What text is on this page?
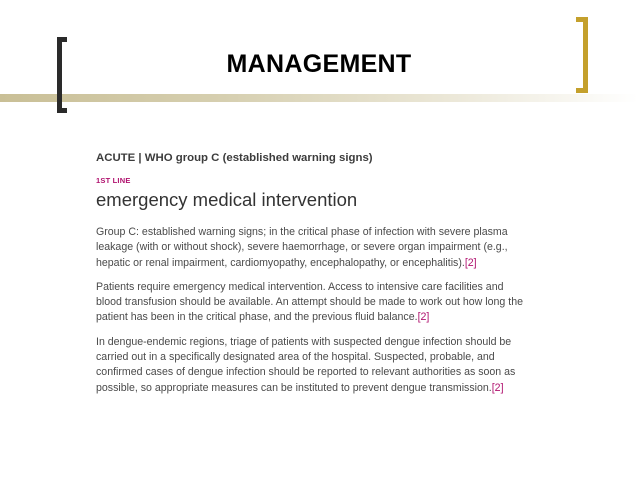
MANAGEMENT
ACUTE | WHO group C (established warning signs)
1ST LINE
emergency medical intervention

Group C: established warning signs; in the critical phase of infection with severe plasma leakage (with or without shock), severe haemorrhage, or severe organ impairment (e.g., hepatic or renal impairment, cardiomyopathy, encephalopathy, or encephalitis).[2]

Patients require emergency medical intervention. Access to intensive care facilities and blood transfusion should be available. An attempt should be made to work out how long the patient has been in the critical phase, and the previous fluid balance.[2]

In dengue-endemic regions, triage of patients with suspected dengue infection should be carried out in a specifically designated area of the hospital. Suspected, probable, and confirmed cases of dengue infection should be reported to relevant authorities as soon as possible, so appropriate measures can be instituted to prevent dengue transmission.[2]
